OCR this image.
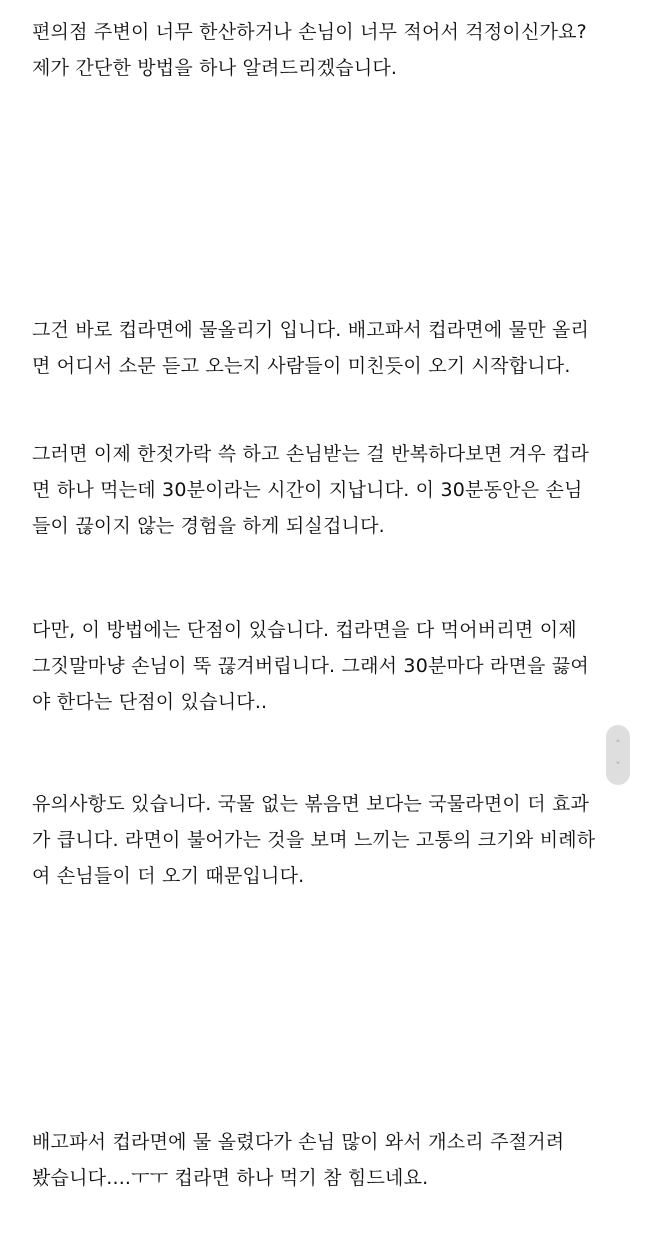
편의점 주변이 너무 한산하거나 손님이 너무 적어서 걱정이신가요?
제가 간단한 방법을 하나 알려드리겠습니다.
그건 바로 컵라면에 물올리기 입니다. 배고파서 컵라면에 물만 올리
면 어디서 소문 듣고 오는지 사람들이 미친듯이 오기 시작합니다.
그러면 이제 한젓가락 쓱 하고 손님받는 걸 반복하다보면 겨우 컵라
면 하나 먹는데 30분이라는 시간이 지납니다. 이 30분동안은 손님
들이 끊이지 않는 경험을 하게 되실겁니다.
다만, 이 방법에는 단점이 있습니다. 컵라면을 다 먹어버리면 이제
그짓말마냥 손님이 뚝 끊겨버립니다. 그래서 30분마다 라면을 끓여
야 한다는 단점이 있습니다..
유의사항도 있습니다. 국물 없는 볶음면 보다는 국물라면이 더 효과
가 큽니다. 라면이 불어가는 것을 보며 느끼는 고통의 크기와 비례하
여 손님들이 더 오기 때문입니다.
배고파서 컵라면에 물 올렸다가 손님 많이 와서 개소리 주절거려
봤습니다....ㅜㅜ 컵라면 하나 먹기 참 힘드네요.
˄
˅
